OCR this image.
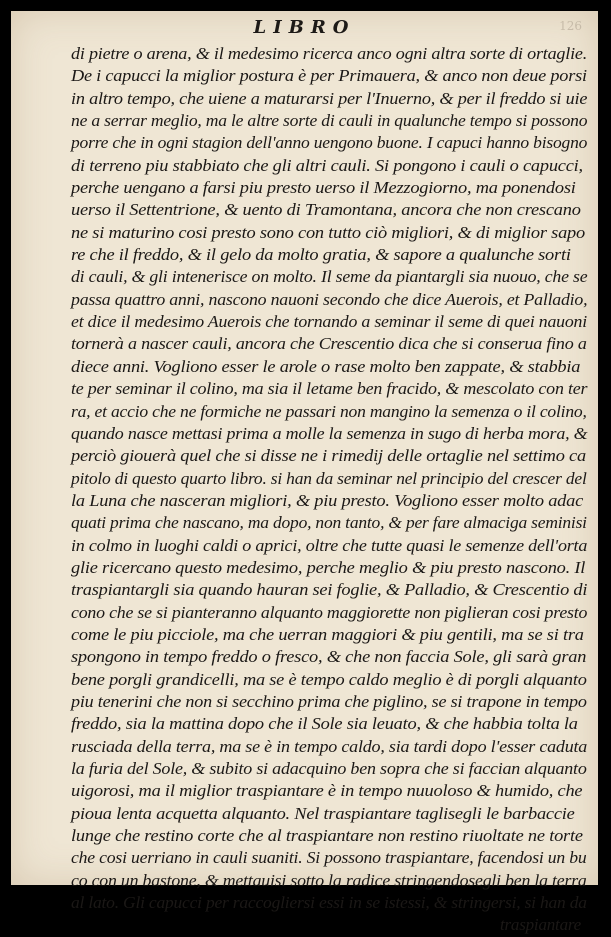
LIBRO	126
di pietre o arena, & il medesimo ricerca anco ogni altra sorte di ortaglie.
De i capucci la miglior postura è per Primauera, & anco non deue porsi
in altro tempo, che uiene a maturarsi per l'Inuerno, & per il freddo si uie
ne a serrar meglio, ma le altre sorte di cauli in qualunche tempo si possono
porre che in ogni stagion dell'anno uengono buone. I capuci hanno bisogno
di terreno piu stabbiato che gli altri cauli. Si pongono i cauli o capucci,
perche uengano a farsi piu presto uerso il Mezzogiorno, ma ponendosi
uerso il Settentrione, & uento di Tramontana, ancora che non crescano
ne si maturino cosi presto sono con tutto ciò migliori, & di miglior sapo
re che il freddo, & il gelo da molto gratia, & sapore a qualunche sorti
di cauli, & gli intenerisce on molto. Il seme da piantargli sia nuouo, che se
passa quattro anni, nascono nauoni secondo che dice Auerois, et Palladio,
et dice il medesimo Auerois che tornando a seminar il seme di quei nauoni
tornerà a nascer cauli, ancora che Crescentio dica che si conserua fino a
diece anni. Vogliono esser le arole o rase molto ben zappate, & stabbia
te per seminar il colino, ma sia il letame ben fracido, & mescolato con ter
ra, et accio che ne formiche ne passari non mangino la semenza o il colino,
quando nasce mettasi prima a molle la semenza in sugo di herba mora, &
perciò giouerà quel che si disse ne i rimedij delle ortaglie nel settimo ca
pitolo di questo quarto libro. si han da seminar nel principio del crescer del
la Luna che nasceran migliori, & piu presto. Vogliono esser molto adac
quati prima che nascano, ma dopo, non tanto, & per fare almaciga seminisi
in colmo in luoghi caldi o aprici, oltre che tutte quasi le semenze dell'orta
glie ricercano questo medesimo, perche meglio & piu presto nascono. Il
traspiantargli sia quando hauran sei foglie, & Palladio, & Crescentio di
cono che se si pianteranno alquanto maggiorette non piglieran cosi presto
come le piu picciole, ma che uerran maggiori & piu gentili, ma se si tra
spongono in tempo freddo o fresco, & che non faccia Sole, gli sarà gran
bene porgli grandicelli, ma se è tempo caldo meglio è di porgli alquanto
piu tenerini che non si secchino prima che piglino, se si trapone in tempo
freddo, sia la mattina dopo che il Sole sia leuato, & che habbia tolta la
rusciada della terra, ma se è in tempo caldo, sia tardi dopo l'esser caduta
la furia del Sole, & subito si adacquino ben sopra che si faccian alquanto
uigorosi, ma il miglior traspiantare è in tempo nuuoloso & humido, che
pioua lenta acquetta alquanto. Nel traspiantare taglisegli le barbaccie
lunge che restino corte che al traspiantare non restino riuoltate ne torte
che cosi uerriano in cauli suaniti. Si possono traspiantare, facendosi un bu
co con un bastone, & mettauisi sotto la radice stringendosegli ben la terra
al lato. Gli capucci per raccogliersi essi in se istessi, & stringersi, si han da
traspiantare
